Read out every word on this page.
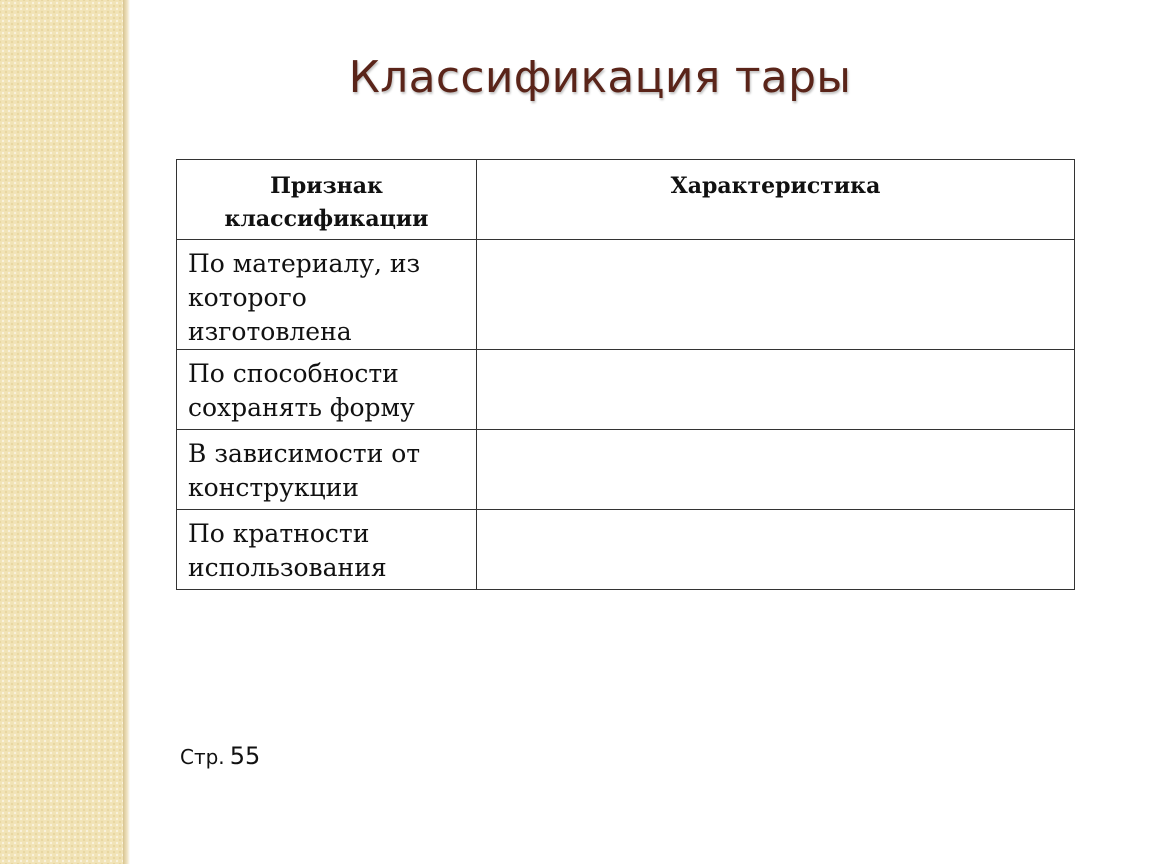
Классификация тары
Признак классификации	Характеристика
По материалу, из которого изготовлена	
По способности сохранять форму	
В зависимости от конструкции	
По кратности использования	
Стр. 55
